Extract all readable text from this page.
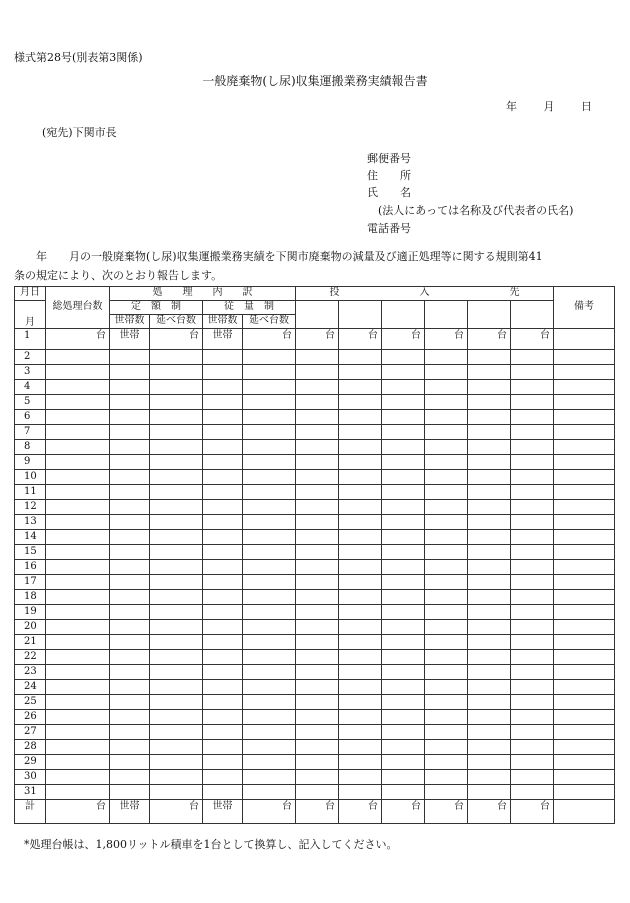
様式第28号(別表第3関係)
一般廃棄物(し尿)収集運搬業務実績報告書
年 月 日
(宛先)下関市長
郵便番号
住　　所
氏　　名
(法人にあっては名称及び代表者の氏名)
電話番号
　　年　　月の一般廃棄物(し尿)収集運搬業務実績を下関市廃棄物の減量及び適正処理等に関する規則第41
条の規定により、次のとおり報告します。
月日	総処理台数	処　　理　　内　　訳				投　　　　　　　　入　　　　　　　　先						備考
月		定　額　制		従　量　制								
		世帯数	延べ台数	世帯数	延べ台数							
1	台	世帯	台	世帯	台	台	台	台	台	台	台	
2												
3												
4												
5												
6												
7												
8												
9												
10												
11												
12												
13												
14												
15												
16												
17												
18												
19												
20												
21												
22												
23												
24												
25												
26												
27												
28												
29												
30												
31												
計	台	世帯	台	世帯	台	台	台	台	台	台	台	
*処理台帳は、1,800リットル積車を1台として換算し、記入してください。
